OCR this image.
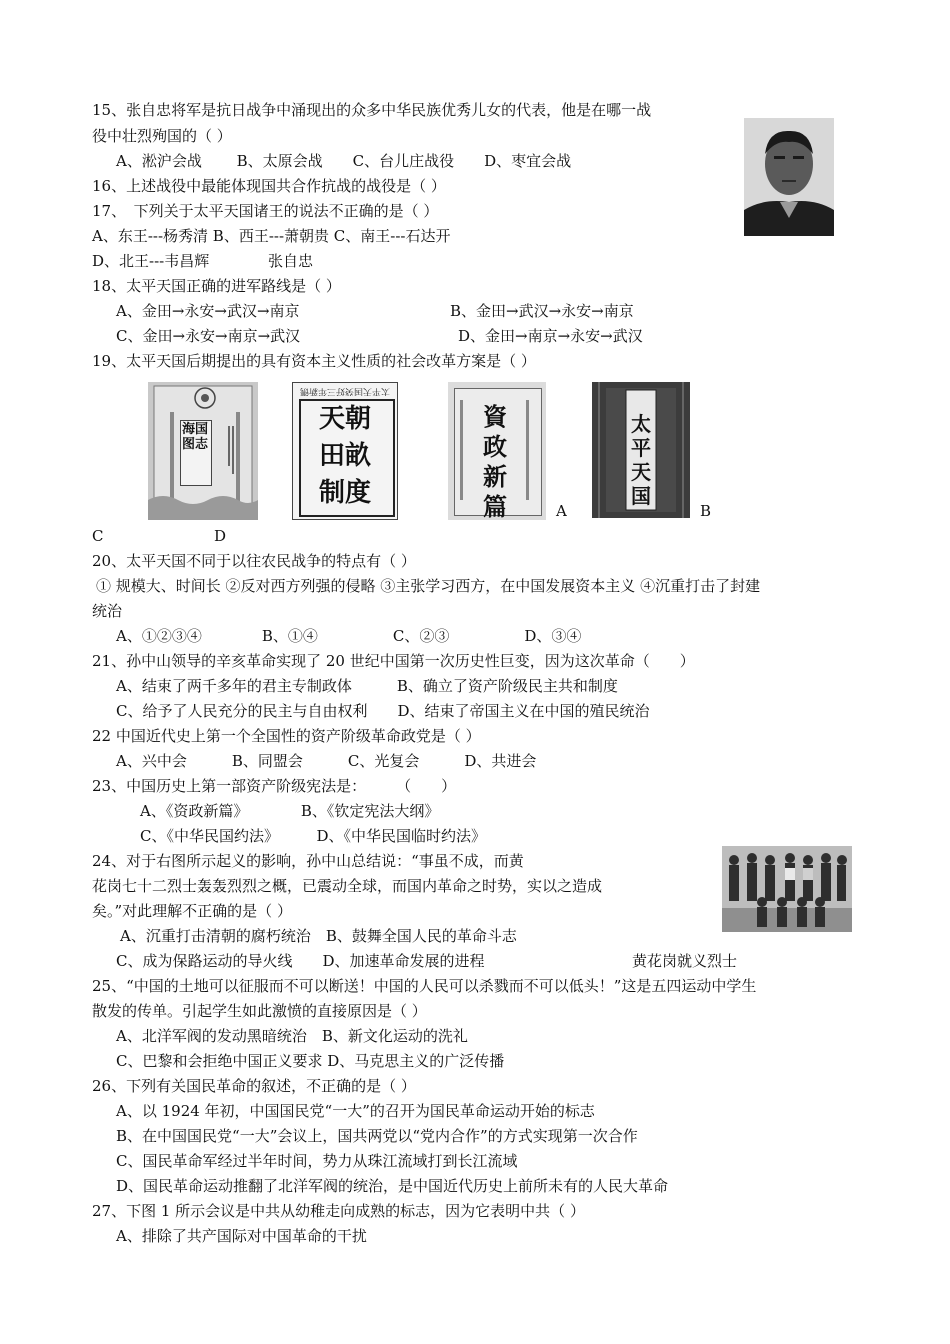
15、张自忠将军是抗日战争中涌现出的众多中华民族优秀儿女的代表，他是在哪一战
役中壮烈殉国的（ ）
A、淞沪会战　　 B、太原会战　　C、台儿庄战役　　D、枣宜会战
16、上述战役中最能体现国共合作抗战的战役是（ ）
17、　下列关于太平天国诸王的说法不正确的是（ ）
A、东王---杨秀清 B、西王---萧朝贵 C、南王---石达开
D、北王---韦昌辉	张自忠
18、太平天国正确的进军路线是（ ）
A、金田→永安→武汉→南京	B、金田→武汉→永安→南京
C、金田→永安→南京→武汉	D、金田→南京→永安→武汉
19、太平天国后期提出的具有资本主义性质的社会改革方案是（ ）
海国图志
太平天国癸好三年新镌
天朝田畝制度
資政新篇	A
太平天国
B
C	D
20、太平天国不同于以往农民战争的特点有（ ）
① 规模大、时间长 ②反对西方列强的侵略 ③主张学习西方，在中国发展资本主义 ④沉重打击了封建
统治
A、①②③④　　　　B、①④　　　　　C、②③　　　　　D、③④
21、孙中山领导的辛亥革命实现了 20 世纪中国第一次历史性巨变，因为这次革命（　　）
A、结束了两千多年的君主专制政体　　　B、确立了资产阶级民主共和制度
C、给予了人民充分的民主与自由权利　　D、结束了帝国主义在中国的殖民统治
22 中国近代史上第一个全国性的资产阶级革命政党是（ ）
A、兴中会　　　B、同盟会　　　C、光复会　　　D、共进会
23、中国历史上第一部资产阶级宪法是：　　　（　　）
A、《资政新篇》　　　　B、《钦定宪法大纲》
C、《中华民国约法》　　　D、《中华民国临时约法》
24、对于右图所示起义的影响，孙中山总结说：“事虽不成，而黄
花岗七十二烈士轰轰烈烈之概，已震动全球，而国内革命之时势，实以之造成
矣。”对此理解不正确的是（ ）
A、沉重打击清朝的腐朽统治　B、鼓舞全国人民的革命斗志
C、成为保路运动的导火线　　D、加速革命发展的进程	黄花岗就义烈士
25、“中国的土地可以征服而不可以断送！中国的人民可以杀戮而不可以低头！”这是五四运动中学生
散发的传单。引起学生如此激愤的直接原因是（ ）
A、北洋军阀的发动黑暗统治　B、新文化运动的洗礼
C、巴黎和会拒绝中国正义要求 D、马克思主义的广泛传播
26、下列有关国民革命的叙述，不正确的是（ ）
A、以 1924 年初，中国国民党“一大”的召开为国民革命运动开始的标志
B、在中国国民党“一大”会议上，国共两党以“党内合作”的方式实现第一次合作
C、国民革命军经过半年时间，势力从珠江流域打到长江流域
D、国民革命运动推翻了北洋军阀的统治，是中国近代历史上前所未有的人民大革命
27、下图 1 所示会议是中共从幼稚走向成熟的标志，因为它表明中共（ ）
A、排除了共产国际对中国革命的干扰
